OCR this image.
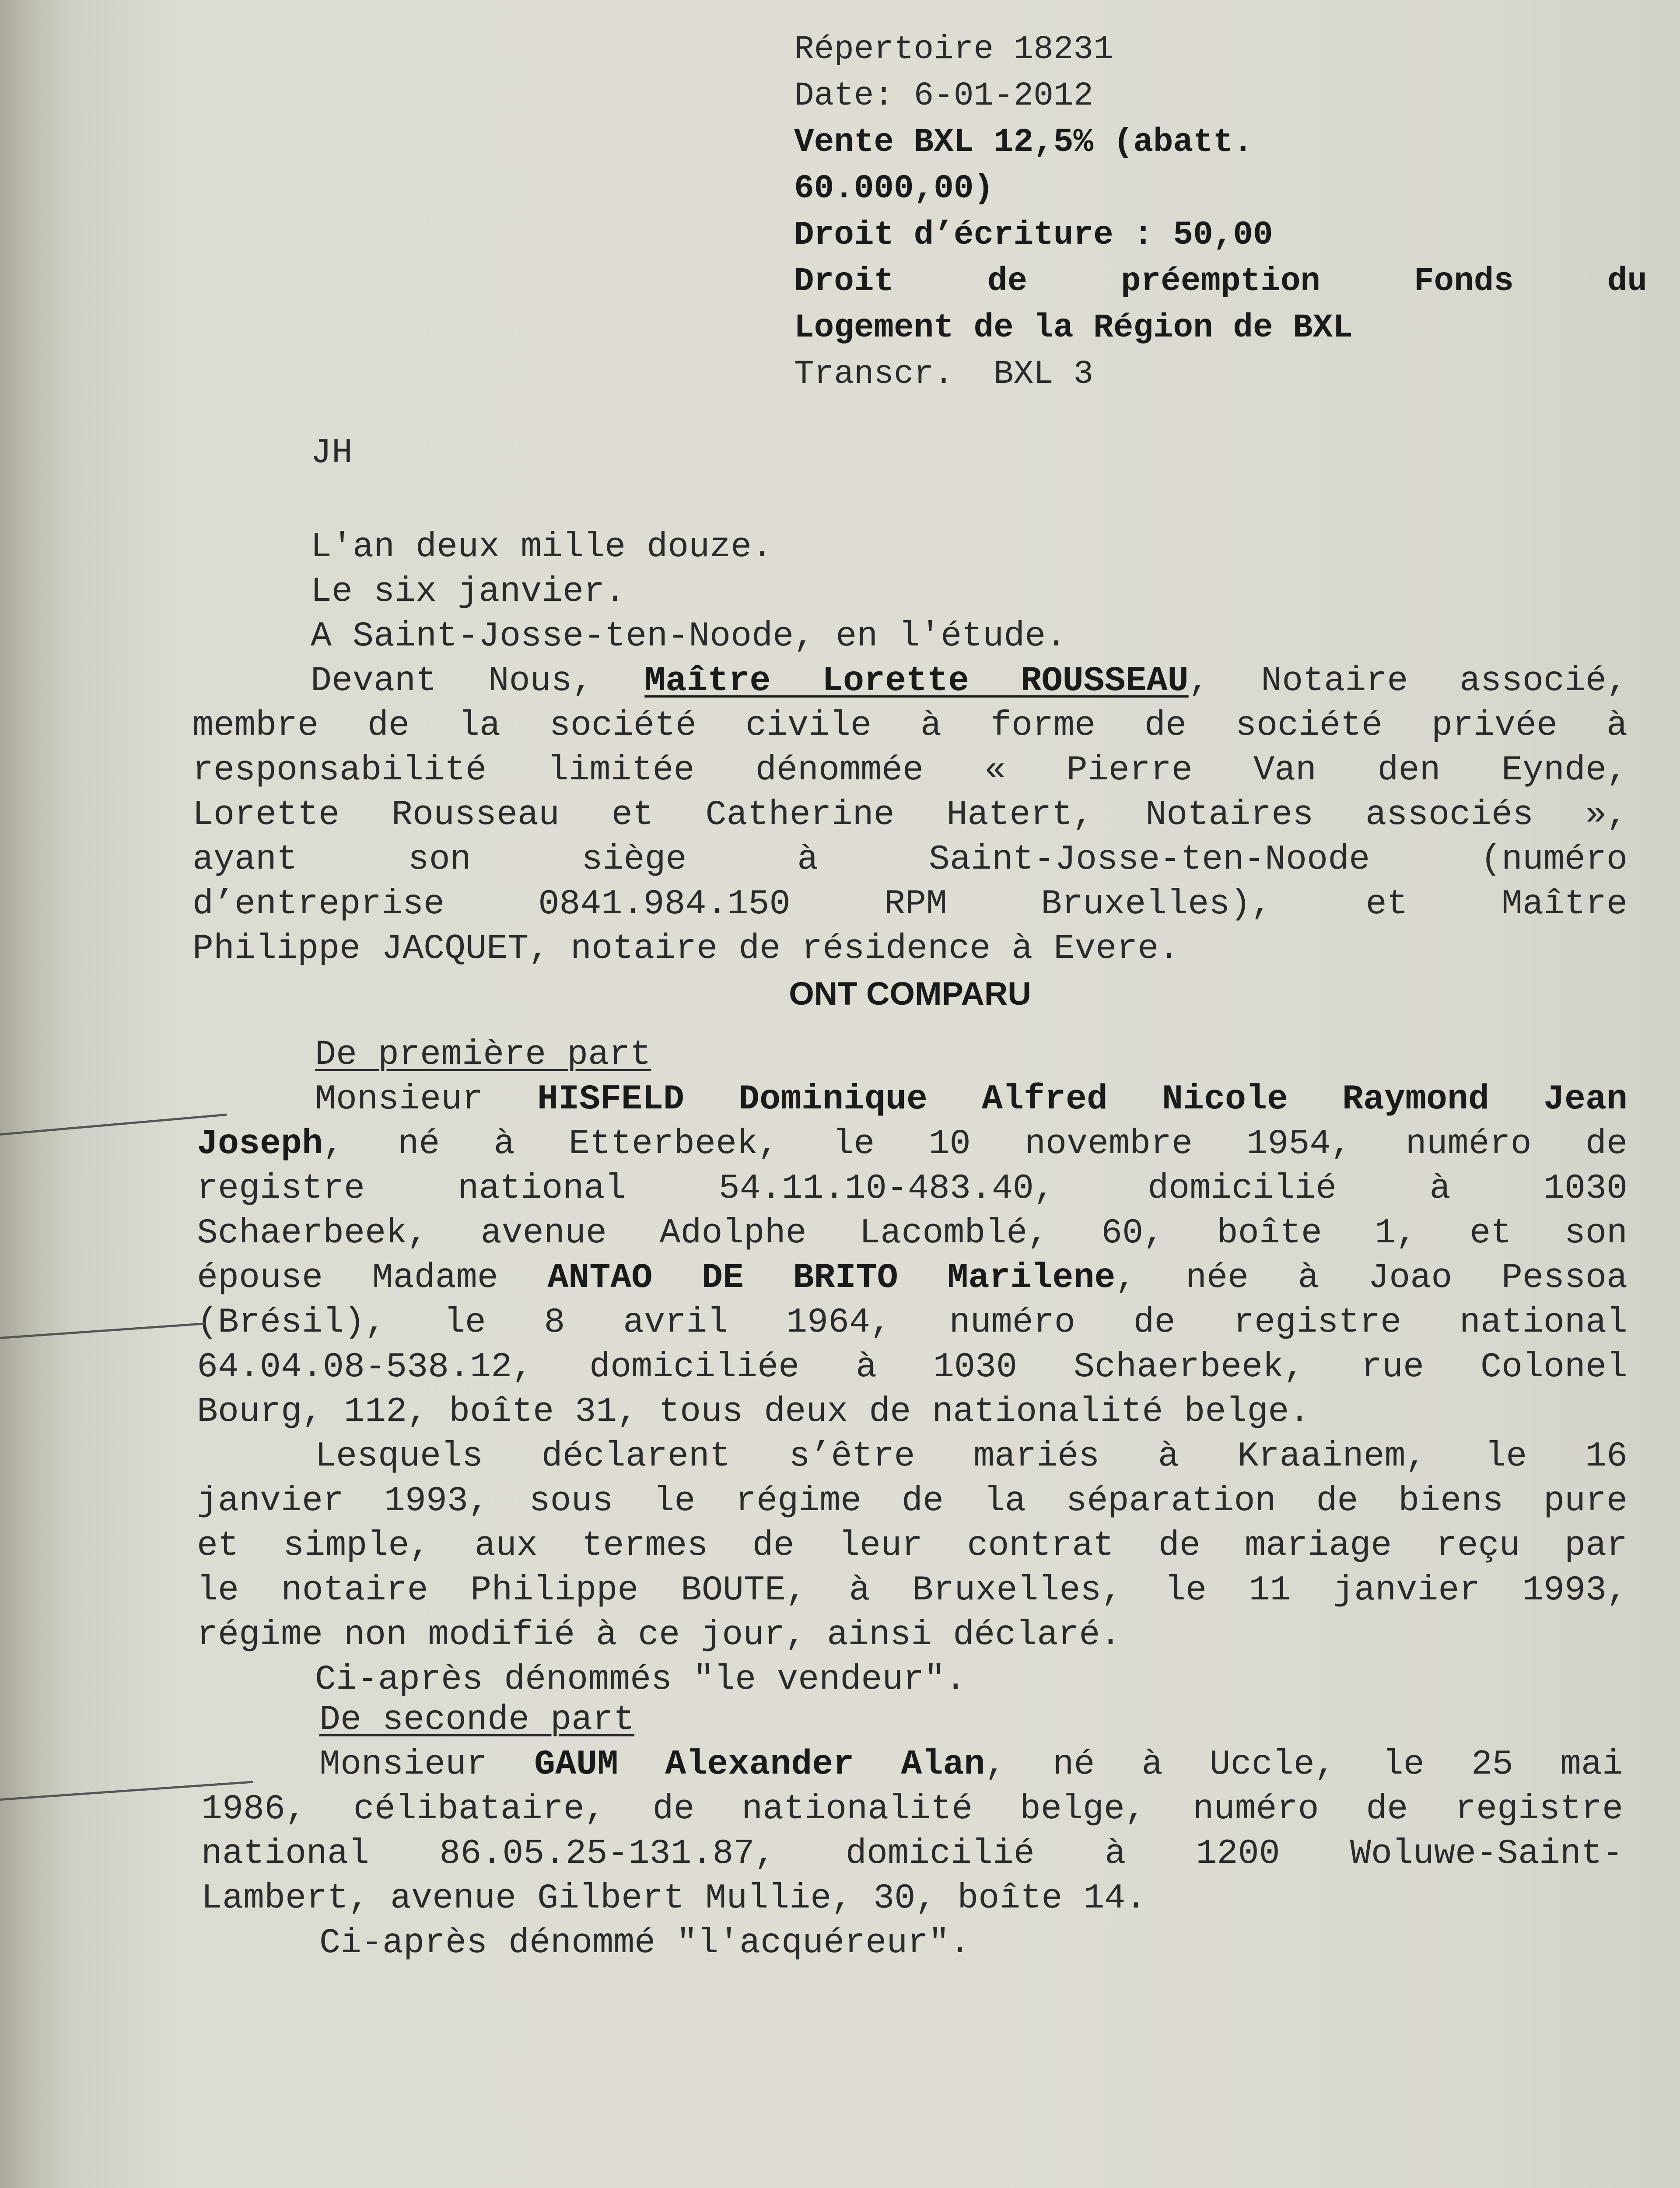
Répertoire 18231
Date: 6-01-2012
Vente BXL 12,5% (abatt.
60.000,00)
Droit d’écriture : 50,00
Droit de préemption Fonds du
Logement de la Région de BXL
Transcr.  BXL 3
JH
L'an deux mille douze.
Le six janvier.
A Saint-Josse-ten-Noode, en l'étude.
Devant Nous, Maître Lorette ROUSSEAU, Notaire associé,
membre de la société civile à forme de société privée à
responsabilité limitée dénommée « Pierre Van den Eynde,
Lorette Rousseau et Catherine Hatert, Notaires associés »,
ayant son siège à Saint-Josse-ten-Noode (numéro
d’entreprise 0841.984.150 RPM Bruxelles), et Maître
Philippe JACQUET, notaire de résidence à Evere.
ONT COMPARU
De première part
Monsieur HISFELD Dominique Alfred Nicole Raymond Jean
Joseph, né à Etterbeek, le 10 novembre 1954, numéro de
registre national 54.11.10-483.40, domicilié à 1030
Schaerbeek, avenue Adolphe Lacomblé, 60, boîte 1, et son
épouse Madame ANTAO DE BRITO Marilene, née à Joao Pessoa
(Brésil), le 8 avril 1964, numéro de registre national
64.04.08-538.12, domiciliée à 1030 Schaerbeek, rue Colonel
Bourg, 112, boîte 31, tous deux de nationalité belge.
Lesquels déclarent s’être mariés à Kraainem, le 16
janvier 1993, sous le régime de la séparation de biens pure
et simple, aux termes de leur contrat de mariage reçu par
le notaire Philippe BOUTE, à Bruxelles, le 11 janvier 1993,
régime non modifié à ce jour, ainsi déclaré.
Ci-après dénommés "le vendeur".
De seconde part
Monsieur GAUM Alexander Alan, né à Uccle, le 25 mai
1986, célibataire, de nationalité belge, numéro de registre
national 86.05.25-131.87, domicilié à 1200 Woluwe-Saint-
Lambert, avenue Gilbert Mullie, 30, boîte 14.
Ci-après dénommé "l'acquéreur".
